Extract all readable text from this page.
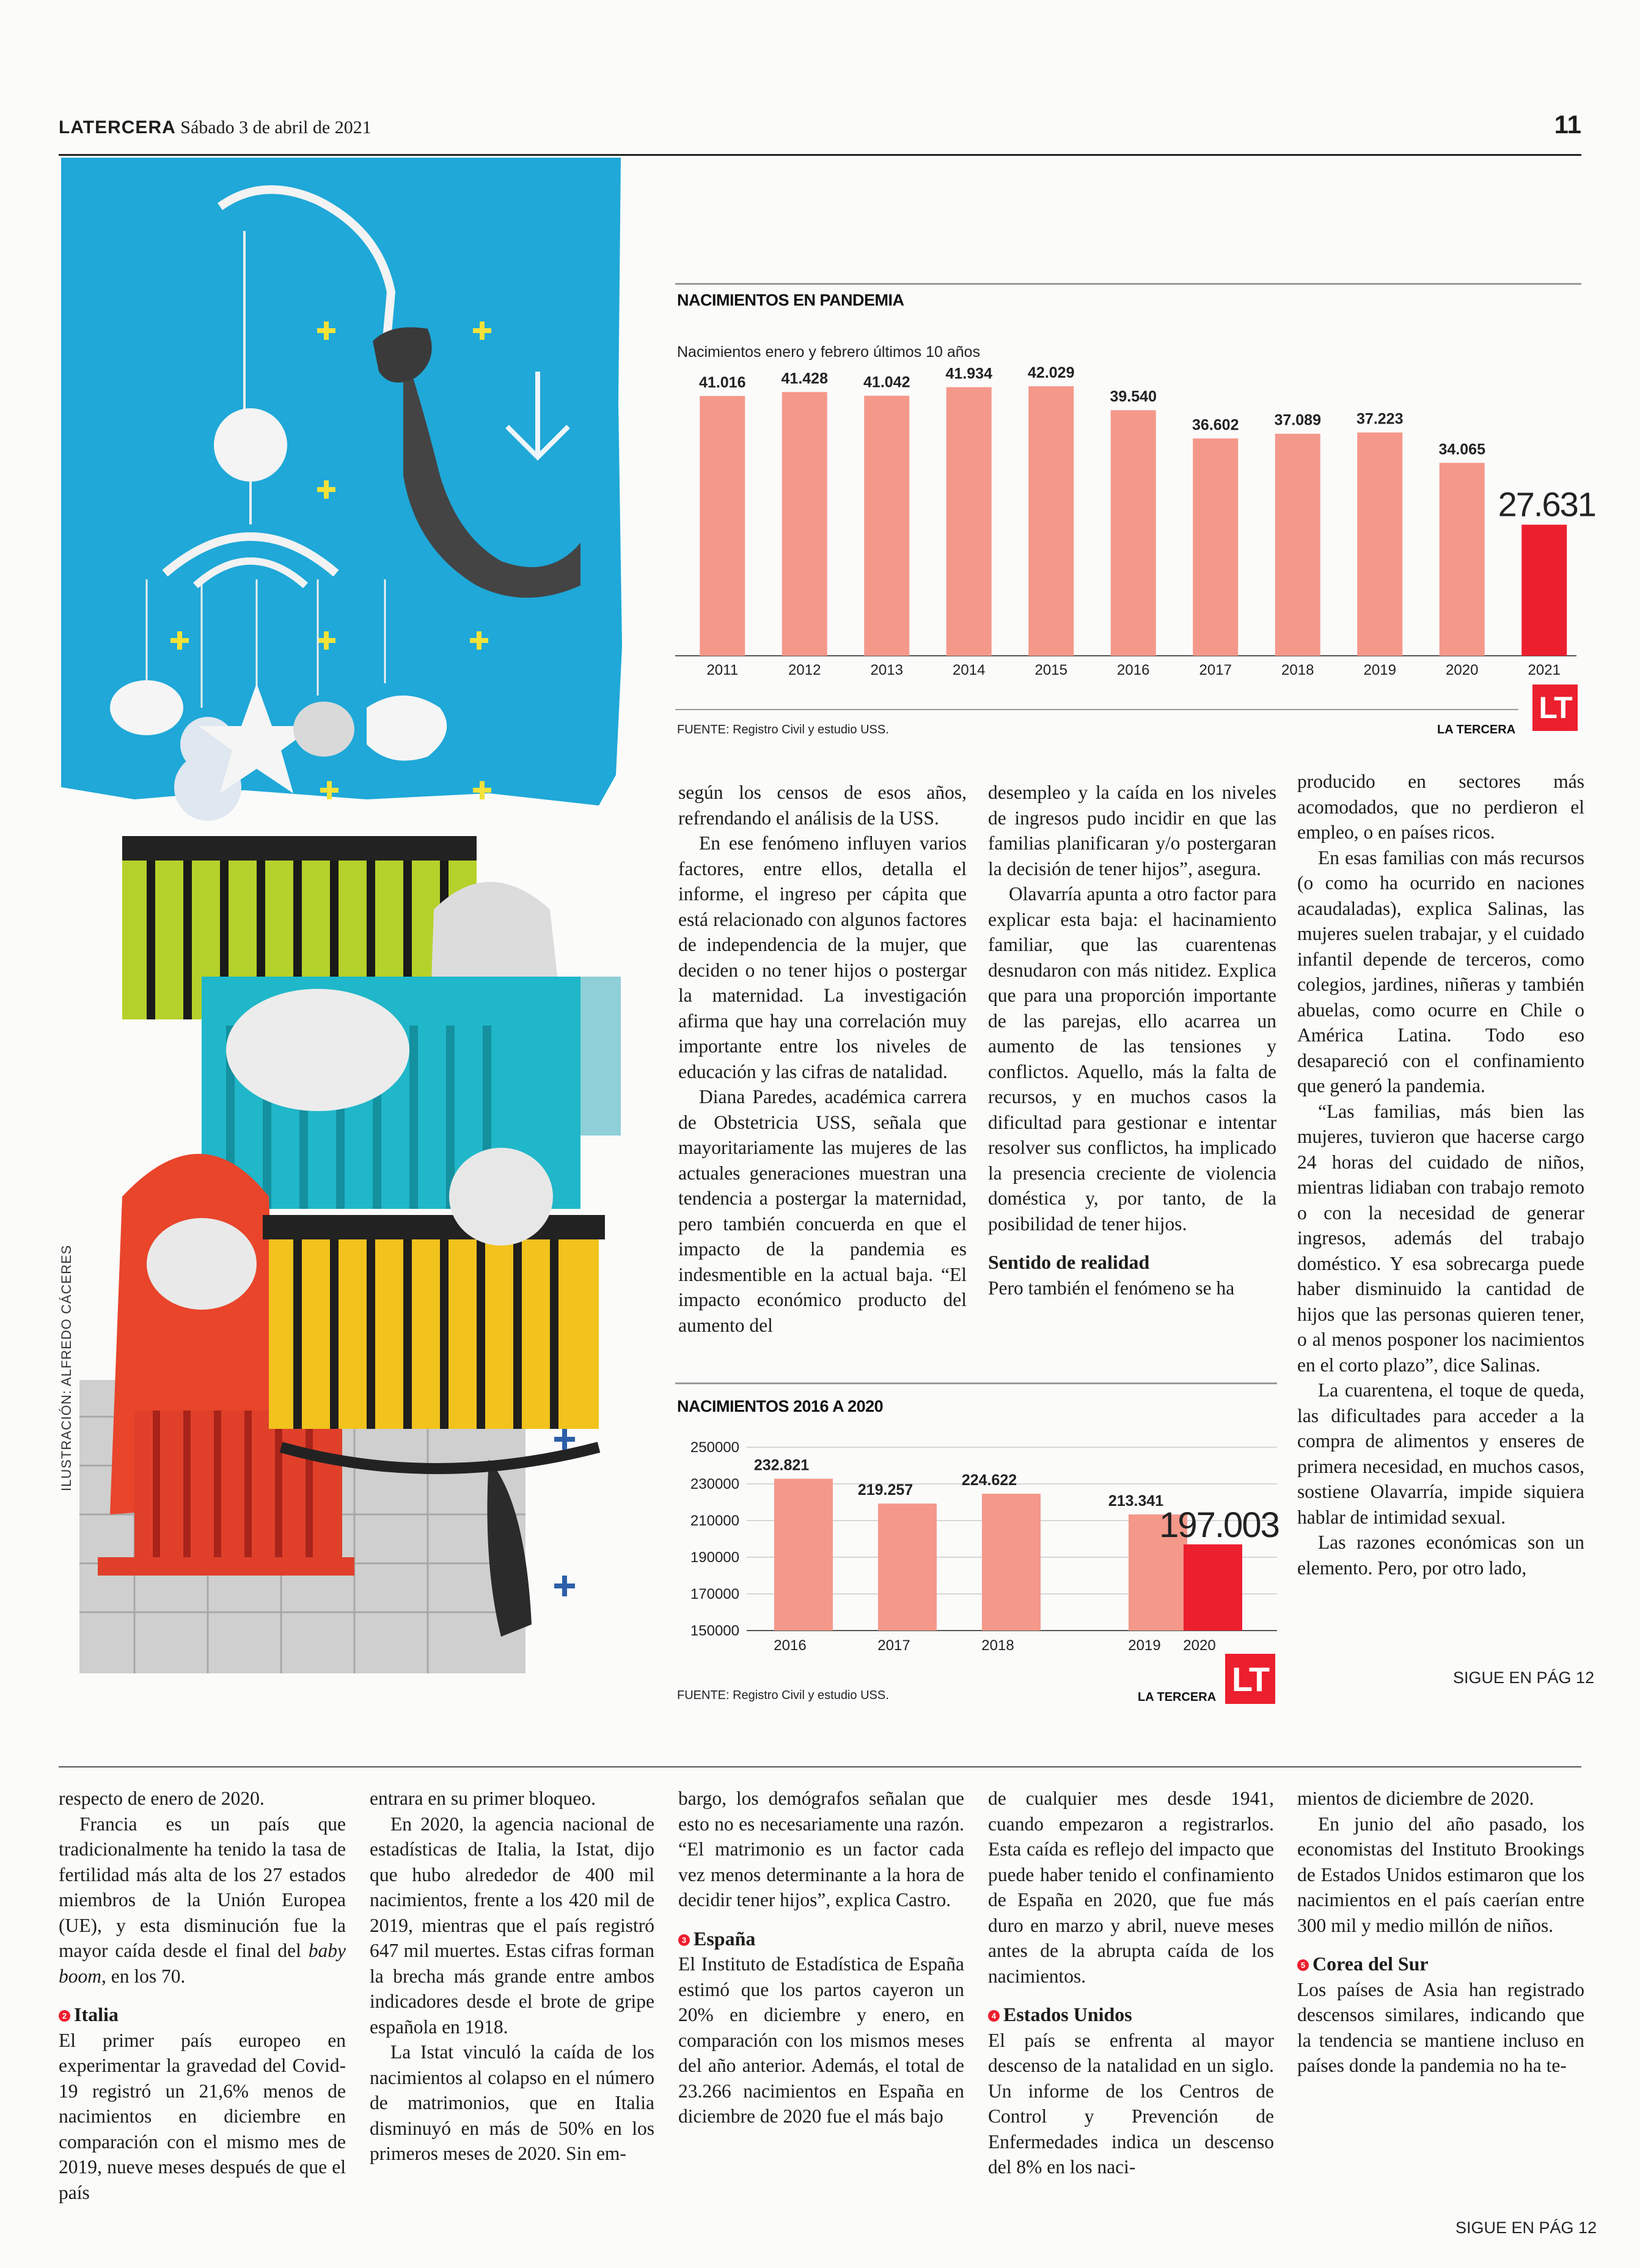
LATERCERA Sábado 3 de abril de 2021	11
ILUSTRACIÓN: ALFREDO CÁCERES
NACIMIENTOS EN PANDEMIA
Nacimientos enero y febrero últimos 10 años
41.016
2011
41.428
2012
41.042
2013
41.934
2014
42.029
2015
39.540
2016
36.602
2017
37.089
2018
37.223
2019
34.065
2020
27.631
2021
FUENTE: Registro Civil y estudio USS.	LA TERCERA
LT

según los censos de esos años, refrendando el análisis de la USS.

En ese fenómeno influyen varios factores, entre ellos, detalla el informe, el ingreso per cápita que está relacionado con algunos factores de independencia de la mujer, que deciden o no tener hijos o postergar la maternidad. La investigación afirma que hay una correlación muy importante entre los niveles de educación y las cifras de natalidad.

Diana Paredes, académica carrera de Obstetricia USS, señala que mayoritariamente las mujeres de las actuales generaciones muestran una tendencia a postergar la maternidad, pero también concuerda en que el impacto de la pandemia es indesmentible en la actual baja. “El impacto económico producto del aumento del

desempleo y la caída en los niveles de ingresos pudo incidir en que las familias planificaran y/o postergaran la decisión de tener hijos”, asegura.

Olavarría apunta a otro factor para explicar esta baja: el hacinamiento familiar, que las cuarentenas desnudaron con más nitidez. Explica que para una proporción importante de las parejas, ello acarrea un aumento de las tensiones y conflictos. Aquello, más la falta de recursos, y en muchos casos la dificultad para gestionar e intentar resolver sus conflictos, ha implicado la presencia creciente de violencia doméstica y, por tanto, de la posibilidad de tener hijos.

Sentido de realidad

Pero también el fenómeno se ha

producido en sectores más acomodados, que no perdieron el empleo, o en países ricos.

En esas familias con más recursos (o como ha ocurrido en naciones acaudaladas), explica Salinas, las mujeres suelen trabajar, y el cuidado infantil depende de terceros, como colegios, jardines, niñeras y también abuelas, como ocurre en Chile o América Latina. Todo eso desapareció con el confinamiento que generó la pandemia.

“Las familias, más bien las mujeres, tuvieron que hacerse cargo 24 horas del cuidado de niños, mientras lidiaban con trabajo remoto o con la necesidad de generar ingresos, además del trabajo doméstico. Y esa sobrecarga puede haber disminuido la cantidad de hijos que las personas quieren tener, o al menos posponer los nacimientos en el corto plazo”, dice Salinas.

La cuarentena, el toque de queda, las dificultades para acceder a la compra de alimentos y enseres de primera necesidad, en muchos casos, sostiene Olavarría, impide siquiera hablar de intimidad sexual.

Las razones económicas son un elemento. Pero, por otro lado,

SIGUE EN PÁG 12
NACIMIENTOS 2016 A 2020
250000
230000
210000
190000
170000
150000
232.821
2016
219.257
2017
224.622
2018
213.341
2019
197.003
2020
FUENTE: Registro Civil y estudio USS.	LA TERCERA LT

respecto de enero de 2020.

Francia es un país que tradicionalmente ha tenido la tasa de fertilidad más alta de los 27 estados miembros de la Unión Europea (UE), y esta disminución fue la mayor caída desde el final del baby boom, en los 70.

2 Italia

El primer país europeo en experimentar la gravedad del Covid-19 registró un 21,6% menos de nacimientos en diciembre en comparación con el mismo mes de 2019, nueve meses después de que el país

entrara en su primer bloqueo.

En 2020, la agencia nacional de estadísticas de Italia, la Istat, dijo que hubo alrededor de 400 mil nacimientos, frente a los 420 mil de 2019, mientras que el país registró 647 mil muertes. Estas cifras forman la brecha más grande entre ambos indicadores desde el brote de gripe española en 1918.

La Istat vinculó la caída de los nacimientos al colapso en el número de matrimonios, que en Italia disminuyó en más de 50% en los primeros meses de 2020. Sin em-

bargo, los demógrafos señalan que esto no es necesariamente una razón. “El matrimonio es un factor cada vez menos determinante a la hora de decidir tener hijos”, explica Castro.

3 España

El Instituto de Estadística de España estimó que los partos cayeron un 20% en diciembre y enero, en comparación con los mismos meses del año anterior. Además, el total de 23.266 nacimientos en España en diciembre de 2020 fue el más bajo

de cualquier mes desde 1941, cuando empezaron a registrarlos. Esta caída es reflejo del impacto que puede haber tenido el confinamiento de España en 2020, que fue más duro en marzo y abril, nueve meses antes de la abrupta caída de los nacimientos.

4 Estados Unidos

El país se enfrenta al mayor descenso de la natalidad en un siglo. Un informe de los Centros de Control y Prevención de Enfermedades indica un descenso del 8% en los naci-

mientos de diciembre de 2020.

En junio del año pasado, los economistas del Instituto Brookings de Estados Unidos estimaron que los nacimientos en el país caerían entre 300 mil y medio millón de niños.

5 Corea del Sur

Los países de Asia han registrado descensos similares, indicando que la tendencia se mantiene incluso en países donde la pandemia no ha te-

SIGUE EN PÁG 12
